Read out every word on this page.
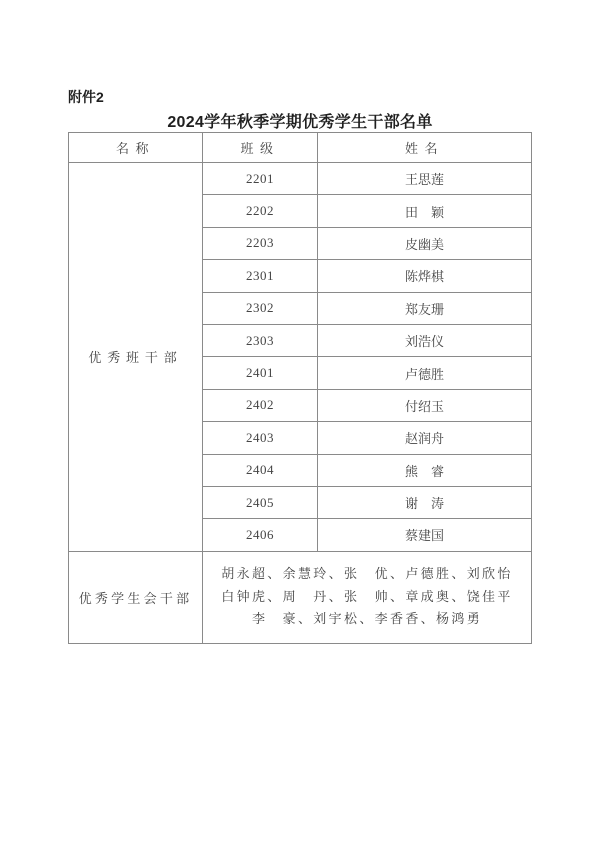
附件2
2024学年秋季学期优秀学生干部名单
名称	班级	姓名
优秀班干部	2201	王思莲
	2202	田　颖
	2203	皮幽美
	2301	陈烨棋
	2302	郑友珊
	2303	刘浩仪
	2401	卢德胜
	2402	付绍玉
	2403	赵润舟
	2404	熊　睿
	2405	谢　涛
	2406	蔡建国
优秀学生会干部	胡永超、余慧玲、张　优、卢德胜、刘欣怡
白钟虎、周　丹、张　帅、章成奥、饶佳平
李　豪、刘宇松、李香香、杨鸿勇	
